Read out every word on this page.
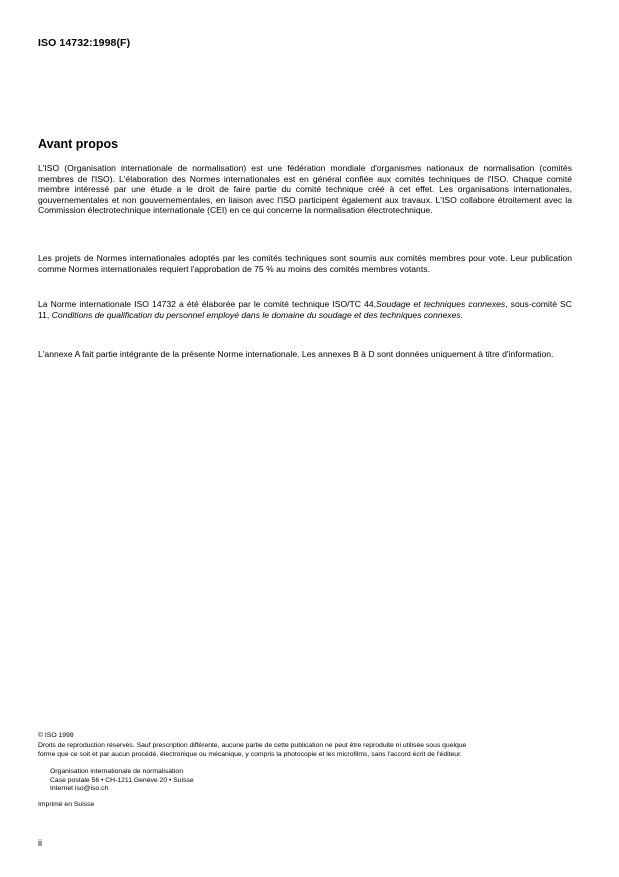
ISO 14732:1998(F)
Avant propos

L'ISO (Organisation internationale de normalisation) est une fédération mondiale d'organismes nationaux de normalisation (comités membres de l'ISO). L'élaboration des Normes internationales est en général confiée aux comités techniques de l'ISO. Chaque comité membre intéressé par une étude a le droit de faire partie du comité technique créé à cet effet. Les organisations internationales, gouvernementales et non gouvernementales, en liaison avec l'ISO participent également aux travaux. L'ISO collabore étroitement avec la Commission électrotechnique internationale (CEI) en ce qui concerne la normalisation électrotechnique.

Les projets de Normes internationales adoptés par les comités techniques sont soumis aux comités membres pour vote. Leur publication comme Normes internationales requiert l'approbation de 75 % au moins des comités membres votants.

La Norme internationale ISO 14732 a été élaborée par le comité technique ISO/TC 44,Soudage et techniques connexes, sous-comité SC 11, Conditions de qualification du personnel employé dans le domaine du soudage et des techniques connexes.

L'annexe A fait partie intégrante de la présente Norme internationale. Les annexes B à D sont données uniquement à titre d'information.

© ISO 1998
Droits de reproduction réservés. Sauf prescription différente, aucune partie de cette publication ne peut être reproduite ni utilisée sous quelque
forme que ce soit et par aucun procédé, électronique ou mécanique, y compris la photocopie et les microfilms, sans l'accord écrit de l'éditeur.
Organisation internationale de normalisation
Case postale 56 • CH-1211 Genève 20 • Suisse
Internet iso@iso.ch
Imprimé en Suisse
ii
